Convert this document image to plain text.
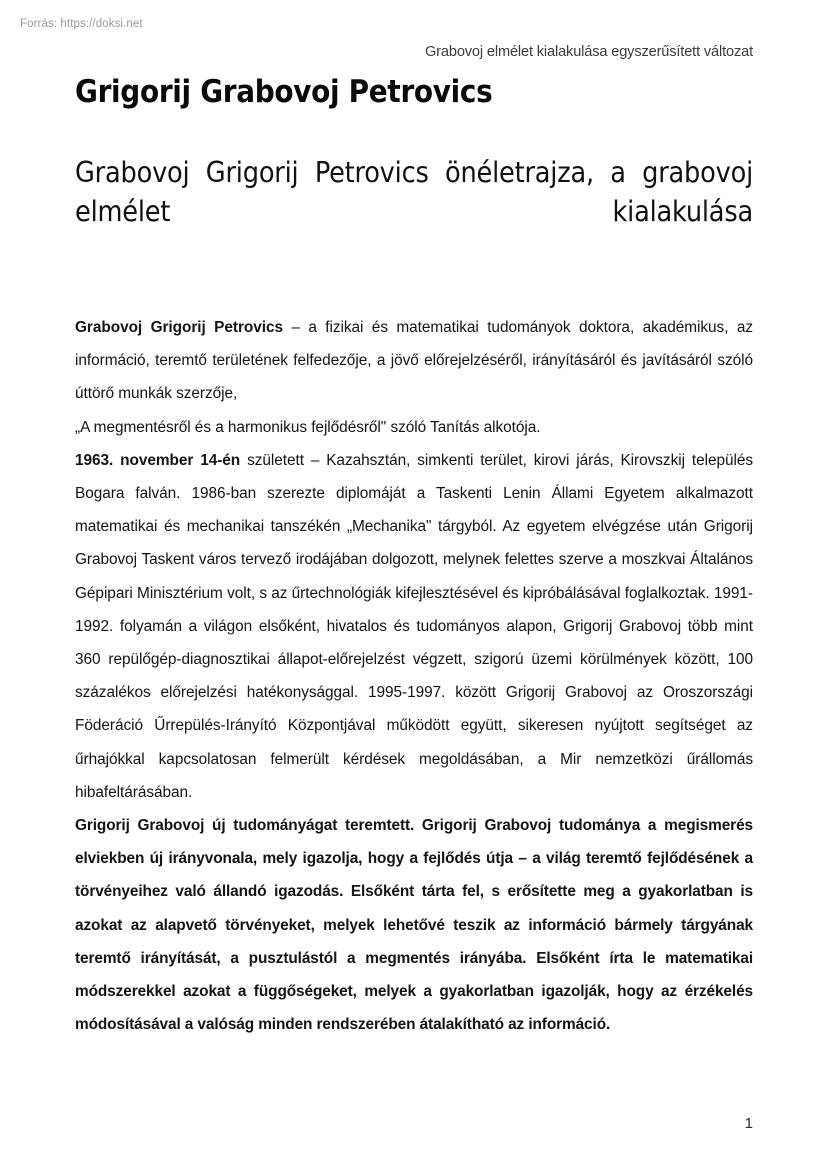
Forrás: https://doksi.net
Grabovoj elmélet kialakulása egyszerűsített változat
Grigorij Grabovoj Petrovics
Grabovoj Grigorij Petrovics önéletrajza, a grabovoj elmélet kialakulása

Grabovoj Grigorij Petrovics – a fizikai és matematikai tudományok doktora, akadémikus, az információ, teremtő területének felfedezője, a jövő előrejelzéséről, irányításáról és javításáról szóló úttörő munkák szerzője,

„A megmentésről és a harmonikus fejlődésről" szóló Tanítás alkotója.

1963. november 14-én született – Kazahsztán, simkenti terület, kirovi járás, Kirovszkij település Bogara falván. 1986-ban szerezte diplomáját a Taskenti Lenin Állami Egyetem alkalmazott matematikai és mechanikai tanszékén „Mechanika" tárgyból. Az egyetem elvégzése után Grigorij Grabovoj Taskent város tervező irodájában dolgozott, melynek felettes szerve a moszkvai Általános Gépipari Minisztérium volt, s az űrtechnológiák kifejlesztésével és kipróbálásával foglalkoztak. 1991-1992. folyamán a világon elsőként, hivatalos és tudományos alapon, Grigorij Grabovoj több mint 360 repülőgép-diagnosztikai állapot-előrejelzést végzett, szigorú üzemi körülmények között, 100 százalékos előrejelzési hatékonysággal. 1995-1997. között Grigorij Grabovoj az Oroszországi Föderáció Űrrepülés-Irányító Központjával működött együtt, sikeresen nyújtott segítséget az űrhajókkal kapcsolatosan felmerült kérdések megoldásában, a Mir nemzetközi űrállomás hibafeltárásában.

Grigorij Grabovoj új tudományágat teremtett. Grigorij Grabovoj tudománya a megismerés elviekben új irányvonala, mely igazolja, hogy a fejlődés útja – a világ teremtő fejlődésének a törvényeihez való állandó igazodás. Elsőként tárta fel, s erősítette meg a gyakorlatban is azokat az alapvető törvényeket, melyek lehetővé teszik az információ bármely tárgyának teremtő irányítását, a pusztulástól a megmentés irányába. Elsőként írta le matematikai módszerekkel azokat a függőségeket, melyek a gyakorlatban igazolják, hogy az érzékelés módosításával a valóság minden rendszerében átalakítható az információ.

1
